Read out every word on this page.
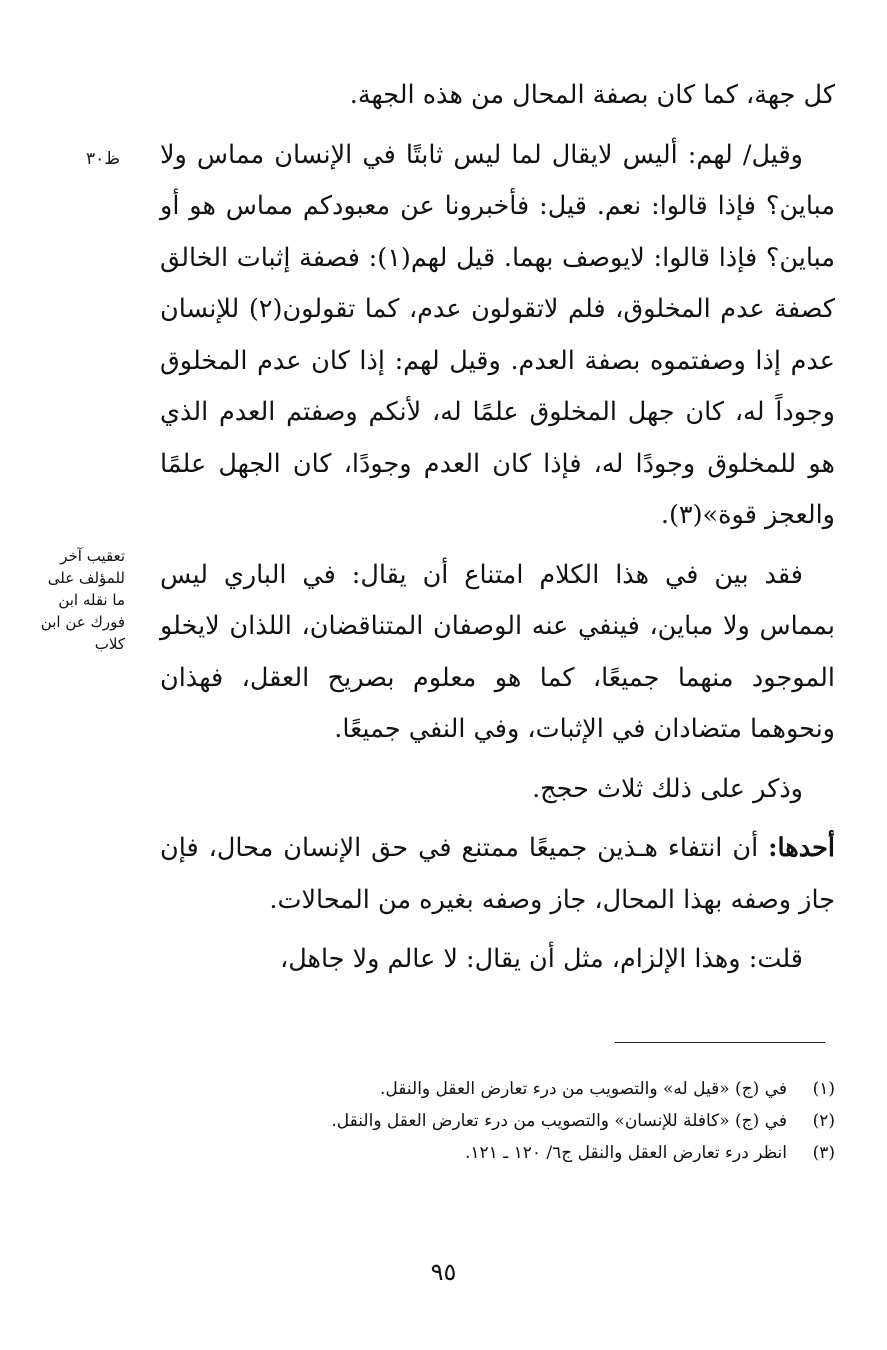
ظ٣٠
تعقيب آخر
للمؤلف على
ما نقله ابن
فورك عن ابن
كلاب

كل جهة، كما كان بصفة المحال من هذه الجهة.

وقيل/ لهم: أليس لايقال لما ليس ثابتًا في الإنسان مماس ولا مباين؟ فإذا قالوا: نعم. قيل: فأخبرونا عن معبودكم مماس هو أو مباين؟ فإذا قالوا: لايوصف بهما. قيل لهم(١): فصفة إثبات الخالق كصفة عدم المخلوق، فلم لاتقولون عدم، كما تقولون(٢) للإنسان عدم إذا وصفتموه بصفة العدم. وقيل لهم: إذا كان عدم المخلوق وجوداً له، كان جهل المخلوق علمًا له، لأنكم وصفتم العدم الذي هو للمخلوق وجودًا له، فإذا كان العدم وجودًا، كان الجهل علمًا والعجز قوة»(٣).

فقد بين في هذا الكلام امتناع أن يقال: في الباري ليس بمماس ولا مباين، فينفي عنه الوصفان المتناقضان، اللذان لايخلو الموجود منهما جميعًا، كما هو معلوم بصريح العقل، فهذان ونحوهما متضادان في الإثبات، وفي النفي جميعًا.

وذكر على ذلك ثلاث حجج.

أحدها: أن انتفاء هـذين جميعًا ممتنع في حق الإنسان محال، فإن جاز وصفه بهذا المحال، جاز وصفه بغيره من المحالات.

قلت: وهذا الإلزام، مثل أن يقال: لا عالم ولا جاهل،

(١)
في (ج) «قيل له» والتصويب من درء تعارض العقل والنقل.
(٢)
في (ج) «كافلة للإنسان» والتصويب من درء تعارض العقل والنقل.
(٣)
انظر درء تعارض العقل والنقل ج٦/ ١٢٠ ـ ١٢١.
٩٥
